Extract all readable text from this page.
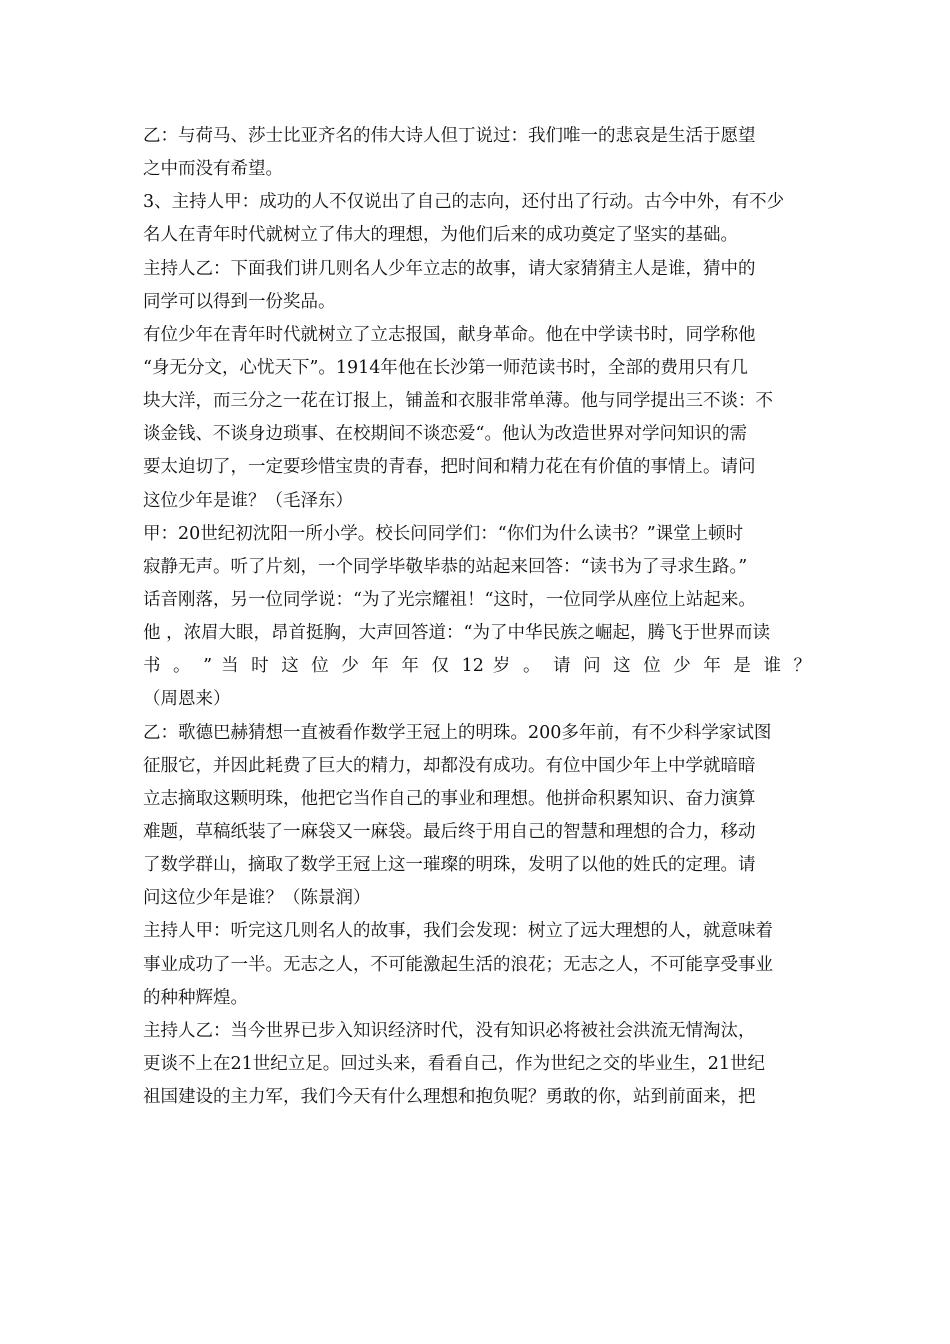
乙：与荷马、莎士比亚齐名的伟大诗人但丁说过：我们唯一的悲哀是生活于愿望
之中而没有希望。
3、主持人甲：成功的人不仅说出了自己的志向，还付出了行动。古今中外，有不少
名人在青年时代就树立了伟大的理想，为他们后来的成功奠定了坚实的基础。
主持人乙：下面我们讲几则名人少年立志的故事，请大家猜猜主人是谁，猜中的
同学可以得到一份奖品。
有位少年在青年时代就树立了立志报国，献身革命。他在中学读书时，同学称他
“身无分文，心忧天下”。1914年他在长沙第一师范读书时，全部的费用只有几
块大洋，而三分之一花在订报上，铺盖和衣服非常单薄。他与同学提出三不谈：不
谈金钱、不谈身边琐事、在校期间不谈恋爱“。他认为改造世界对学问知识的需
要太迫切了，一定要珍惜宝贵的青春，把时间和精力花在有价值的事情上。请问
这位少年是谁？（毛泽东）
甲：20世纪初沈阳一所小学。校长问同学们：“你们为什么读书？”课堂上顿时
寂静无声。听了片刻，一个同学毕敬毕恭的站起来回答：“读书为了寻求生路。”
话音刚落，另一位同学说：“为了光宗耀祖！“这时，一位同学从座位上站起来。
他 ，浓眉大眼，昂首挺胸，大声回答道：“为了中华民族之崛起，腾飞于世界而读
书 。 ” 当 时 这 位 少 年 年 仅 12 岁 。 请 问 这 位 少 年 是 谁 ？
（周恩来）
乙：歌德巴赫猜想一直被看作数学王冠上的明珠。200多年前，有不少科学家试图
征服它，并因此耗费了巨大的精力，却都没有成功。有位中国少年上中学就暗暗
立志摘取这颗明珠，他把它当作自己的事业和理想。他拼命积累知识、奋力演算
难题，草稿纸装了一麻袋又一麻袋。最后终于用自己的智慧和理想的合力，移动
了数学群山，摘取了数学王冠上这一璀璨的明珠，发明了以他的姓氏的定理。请
问这位少年是谁？（陈景润）
主持人甲：听完这几则名人的故事，我们会发现：树立了远大理想的人，就意味着
事业成功了一半。无志之人，不可能激起生活的浪花；无志之人，不可能享受事业
的种种辉煌。
主持人乙：当今世界已步入知识经济时代，没有知识必将被社会洪流无情淘汰，
更谈不上在21世纪立足。回过头来，看看自己，作为世纪之交的毕业生，21世纪
祖国建设的主力军，我们今天有什么理想和抱负呢？勇敢的你，站到前面来，把
